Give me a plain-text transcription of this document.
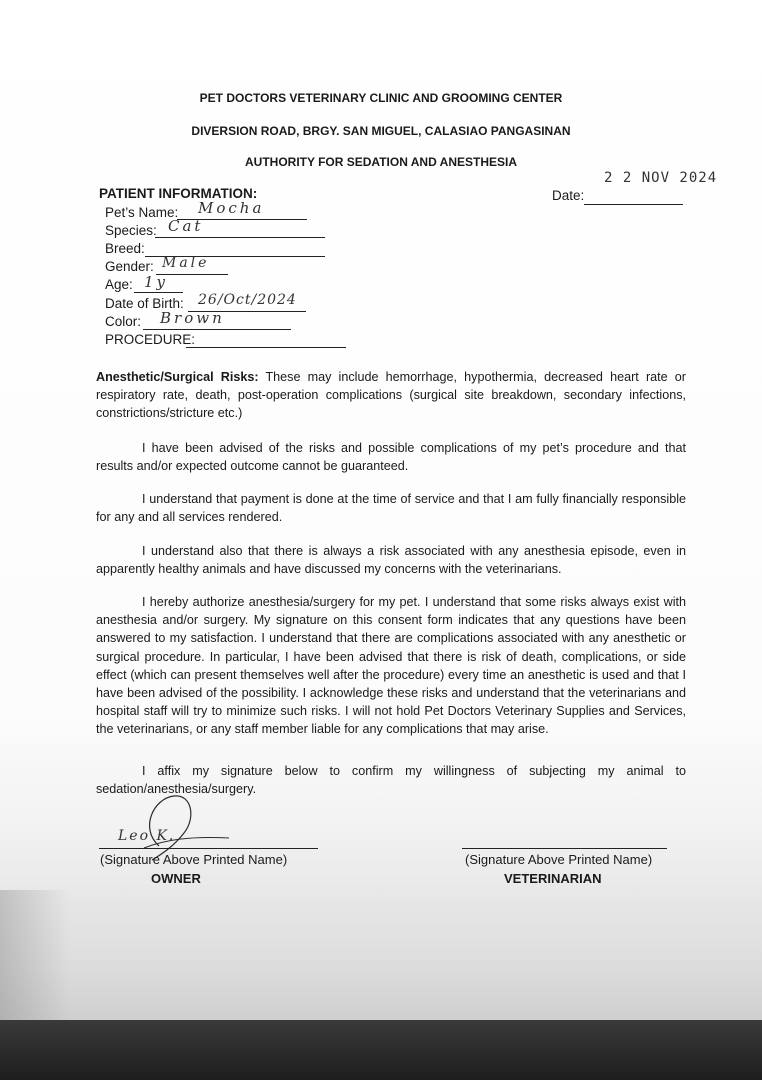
PET DOCTORS VETERINARY CLINIC AND GROOMING CENTER
DIVERSION ROAD, BRGY. SAN MIGUEL, CALASIAO PANGASINAN
AUTHORITY FOR SEDATION AND ANESTHESIA
2 2 NOV 2024
Date:
PATIENT INFORMATION:
Pet’s Name: Mocha
Species: Cat
Breed:
Gender: Male
Age: 1y
Date of Birth: 26/Oct/2024
Color: Brown
PROCEDURE:
Anesthetic/Surgical Risks: These may include hemorrhage, hypothermia, decreased heart rate or respiratory rate, death, post-operation complications (surgical site breakdown, secondary infections, constrictions/stricture etc.)
I have been advised of the risks and possible complications of my pet’s procedure and that results and/or expected outcome cannot be guaranteed.
I understand that payment is done at the time of service and that I am fully financially responsible for any and all services rendered.
I understand also that there is always a risk associated with any anesthesia episode, even in apparently healthy animals and have discussed my concerns with the veterinarians.
I hereby authorize anesthesia/surgery for my pet. I understand that some risks always exist with anesthesia and/or surgery. My signature on this consent form indicates that any questions have been answered to my satisfaction. I understand that there are complications associated with any anesthetic or surgical procedure. In particular, I have been advised that there is risk of death, complications, or side effect (which can present themselves well after the procedure) every time an anesthetic is used and that I have been advised of the possibility. I acknowledge these risks and understand that the veterinarians and hospital staff will try to minimize such risks. I will not hold Pet Doctors Veterinary Supplies and Services, the veterinarians, or any staff member liable for any complications that may arise.
I affix my signature below to confirm my willingness of subjecting my animal to sedation/anesthesia/surgery.
Leo K.
(Signature Above Printed Name)
OWNER
(Signature Above Printed Name)
VETERINARIAN
